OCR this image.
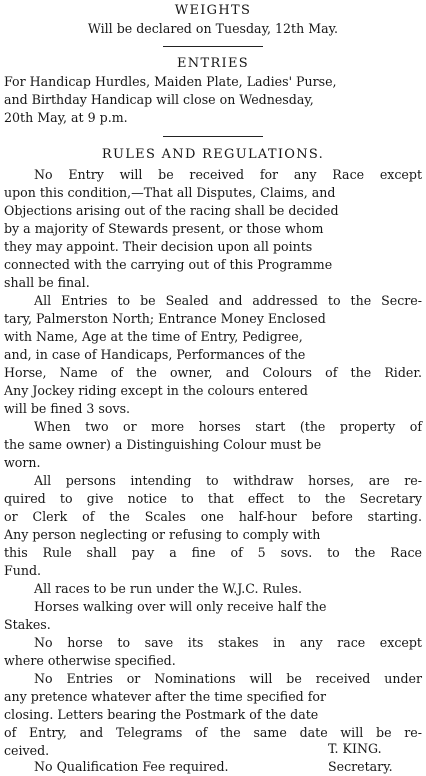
WEIGHTS
Will be declared on Tuesday, 12th May.
ENTRIES
For Handicap Hurdles, Maiden Plate, Ladies' Purse,
and Birthday Handicap will close on Wednesday,
20th May, at 9 p.m.
RULES AND REGULATIONS.
No Entry will be received for any Race except
upon this condition,—That all Disputes, Claims, and
Objections arising out of the racing shall be decided
by a majority of Stewards present, or those whom
they may appoint. Their decision upon all points
connected with the carrying out of this Programme
shall be final.
All Entries to be Sealed and addressed to the Secre-
tary, Palmerston North; Entrance Money Enclosed
with Name, Age at the time of Entry, Pedigree,
and, in case of Handicaps, Performances of the
Horse, Name of the owner, and Colours of the Rider.
Any Jockey riding except in the colours entered
will be fined 3 sovs.
When two or more horses start (the property of
the same owner) a Distinguishing Colour must be
worn.
All persons intending to withdraw horses, are re-
quired to give notice to that effect to the Secretary
or Clerk of the Scales one half-hour before starting.
Any person neglecting or refusing to comply with
this Rule shall pay a fine of 5 sovs. to the Race
Fund.
All races to be run under the W.J.C. Rules.
Horses walking over will only receive half the
Stakes.
No horse to save its stakes in any race except
where otherwise specified.
No Entries or Nominations will be received under
any pretence whatever after the time specified for
closing. Letters bearing the Postmark of the date
of Entry, and Telegrams of the same date will be re-
ceived.
No Qualification Fee required.
T. KING.
Secretary.
